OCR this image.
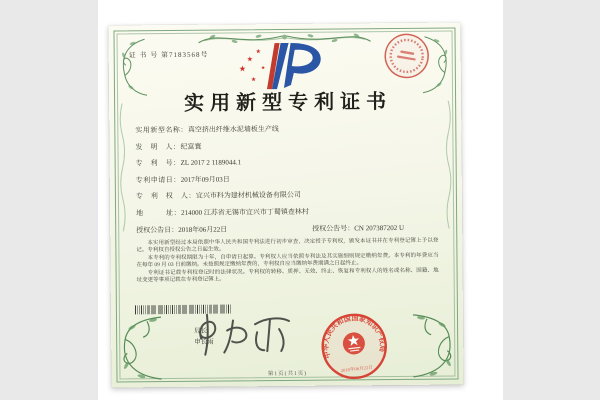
证 书 号 第7183568号
★
★
★
★
★
实用新型专利证书
实用新型名称：真空挤出纤维水泥墙板生产线
发　明　人：纪富寰
专　利　号：ZL 2017 2 1189044.1
专利申请日：2017年09月03日
专　利　权　人：宜兴市科为建材机械设备有限公司
地　　　址：214000 江苏省无锡市宜兴市丁蜀镇查林村
授权公告日：2018年06月22日	授权公告号：CN 207387202 U

本实用新型经过本局依照中华人民共和国专利法进行初步审查，决定授予专利权，颁发本证书并在专利登记簿上予以登记。专利权自授权公告之日起生效。

本专利的专利权期限为十年，自申请日起算。专利权人应当依照专利法及其实施细则规定缴纳年费。本专利的年费应当在每年 09 月 03 日前缴纳。未按照规定缴纳年费的，专利权自应当缴纳年费期满之日起终止。

专利证书记载专利权登记时的法律状况。专利权的转移、质押、无效、终止、恢复和专利权人的姓名或名称、国籍、地址变更等事项记载在专利登记簿上。

局长
申长雨
中华人民共和国国家知识产权局
2018年06月22日
第1页(共1页)
